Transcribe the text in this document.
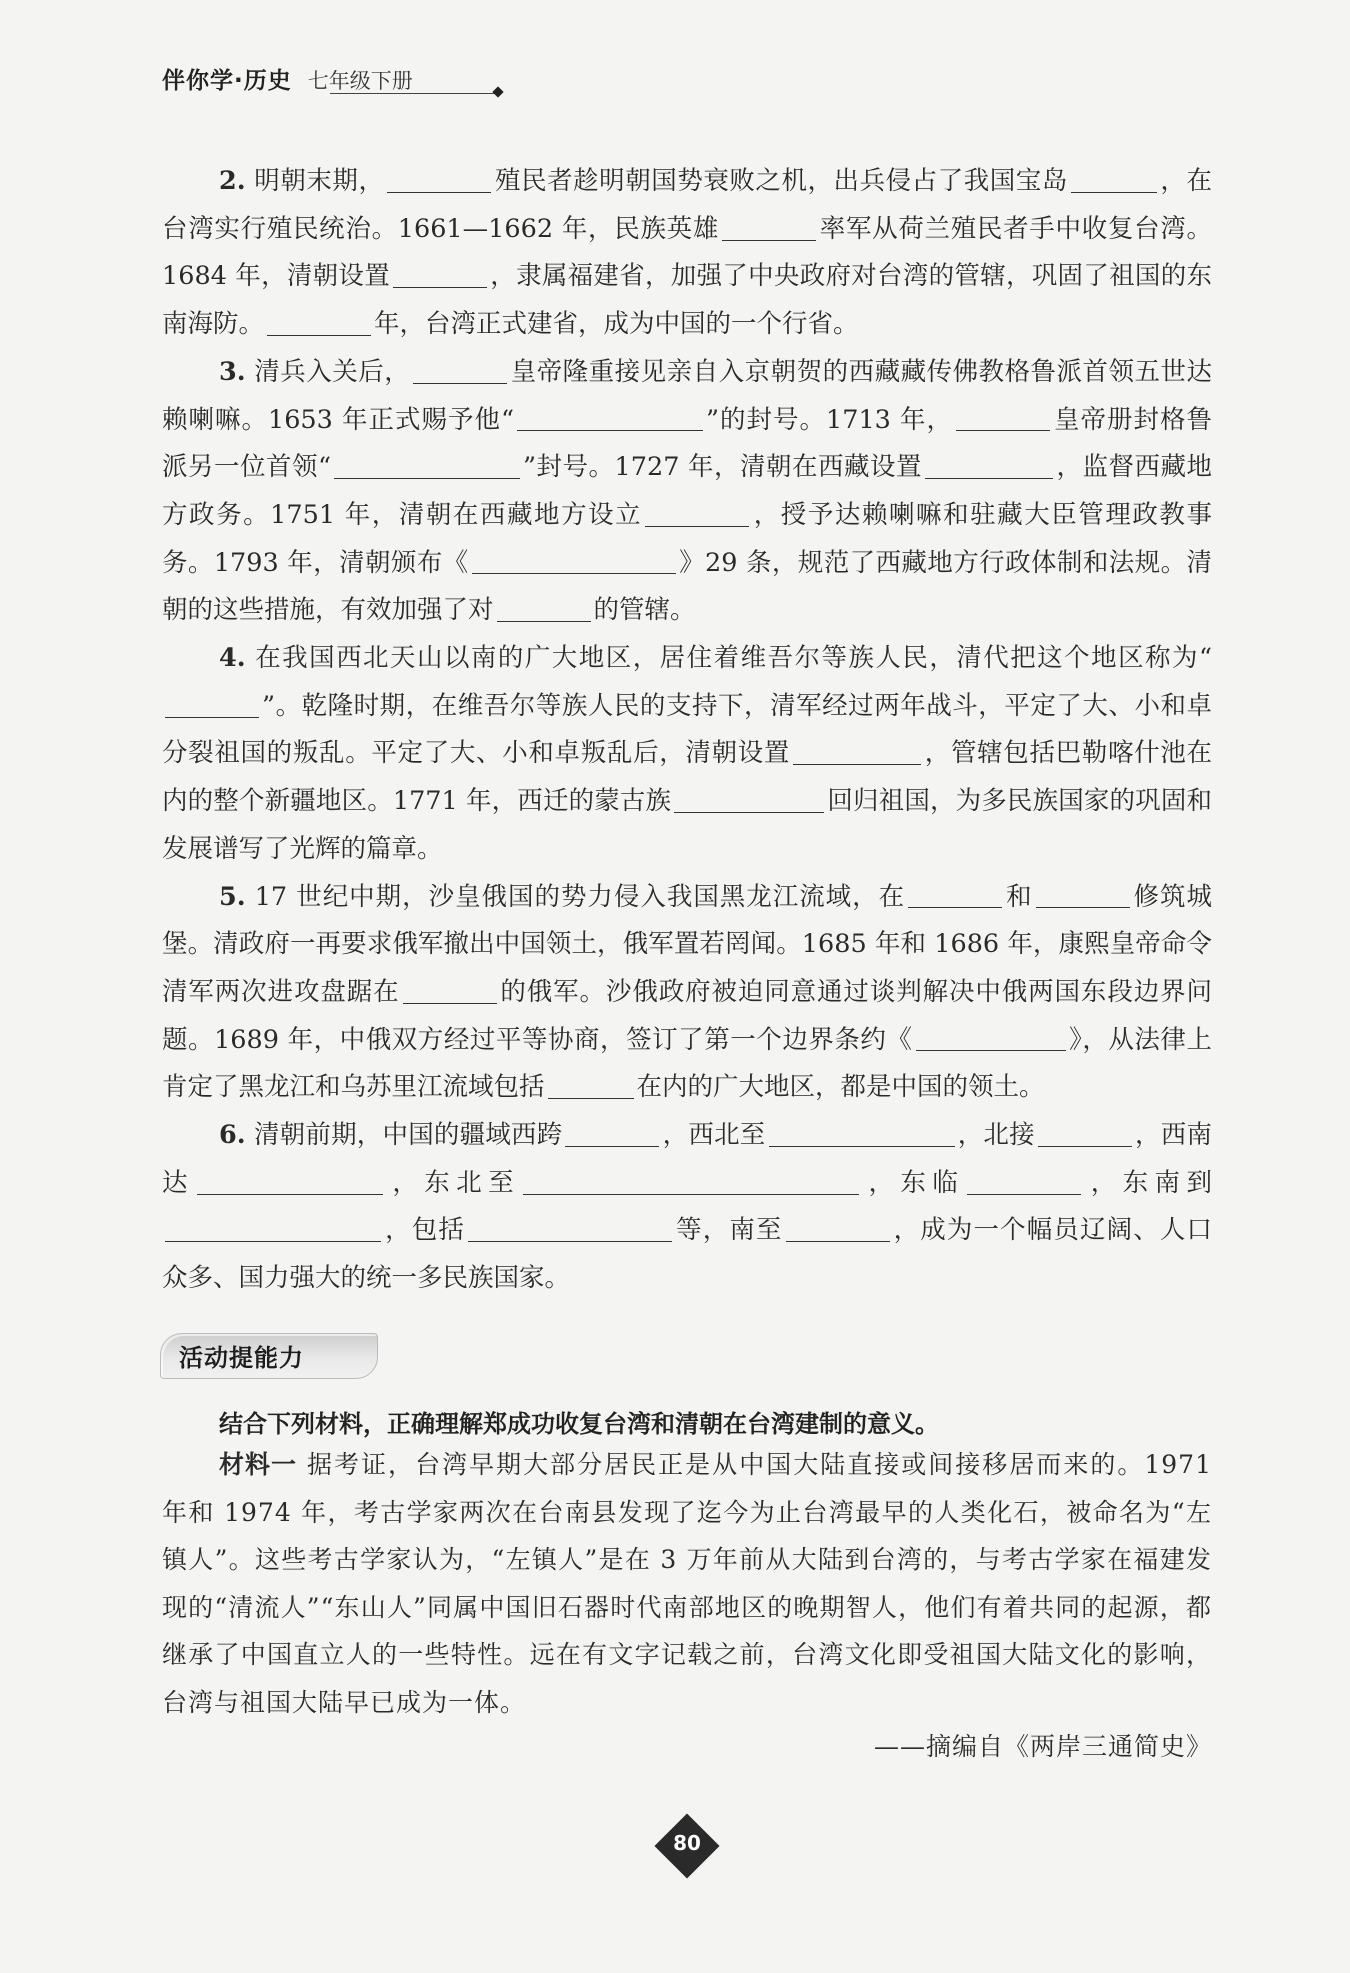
伴你学·历史 七年级下册

2. 明朝末期，	殖民者趁明朝国势衰败之机，出兵侵占了我国宝岛	，在台湾实行殖民统治。1661—1662 年，民族英雄	率军从荷兰殖民者手中收复台湾。1684 年，清朝设置	，隶属福建省，加强了中央政府对台湾的管辖，巩固了祖国的东南海防。	年，台湾正式建省，成为中国的一个行省。

3. 清兵入关后，	皇帝隆重接见亲自入京朝贺的西藏藏传佛教格鲁派首领五世达赖喇嘛。1653 年正式赐予他“	”的封号。1713 年，	皇帝册封格鲁派另一位首领“	”封号。1727 年，清朝在西藏设置	，监督西藏地方政务。1751 年，清朝在西藏地方设立	，授予达赖喇嘛和驻藏大臣管理政教事务。1793 年，清朝颁布《	》29 条，规范了西藏地方行政体制和法规。清朝的这些措施，有效加强了对	的管辖。

4. 在我国西北天山以南的广大地区，居住着维吾尔等族人民，清代把这个地区称为“”。乾隆时期，在维吾尔等族人民的支持下，清军经过两年战斗，平定了大、小和卓分裂祖国的叛乱。平定了大、小和卓叛乱后，清朝设置	，管辖包括巴勒喀什池在内的整个新疆地区。1771 年，西迁的蒙古族	回归祖国，为多民族国家的巩固和发展谱写了光辉的篇章。

5. 17 世纪中期，沙皇俄国的势力侵入我国黑龙江流域，在	和	修筑城堡。清政府一再要求俄军撤出中国领土，俄军置若罔闻。1685 年和 1686 年，康熙皇帝命令清军两次进攻盘踞在	的俄军。沙俄政府被迫同意通过谈判解决中俄两国东段边界问题。1689 年，中俄双方经过平等协商，签订了第一个边界条约《	》，从法律上肯定了黑龙江和乌苏里江流域包括	在内的广大地区，都是中国的领土。

6. 清朝前期，中国的疆域西跨	，西北至	，北接	，西南达	，东北至	，东临	，东南到，包括	等，南至	，成为一个幅员辽阔、人口众多、国力强大的统一多民族国家。

活动提能力
结合下列材料，正确理解郑成功收复台湾和清朝在台湾建制的意义。

材料一 据考证，台湾早期大部分居民正是从中国大陆直接或间接移居而来的。1971 年和 1974 年，考古学家两次在台南县发现了迄今为止台湾最早的人类化石，被命名为“左镇人”。这些考古学家认为，“左镇人”是在 3 万年前从大陆到台湾的，与考古学家在福建发现的“清流人”“东山人”同属中国旧石器时代南部地区的晚期智人，他们有着共同的起源，都继承了中国直立人的一些特性。远在有文字记载之前，台湾文化即受祖国大陆文化的影响，台湾与祖国大陆早已成为一体。

——摘编自《两岸三通简史》
80
